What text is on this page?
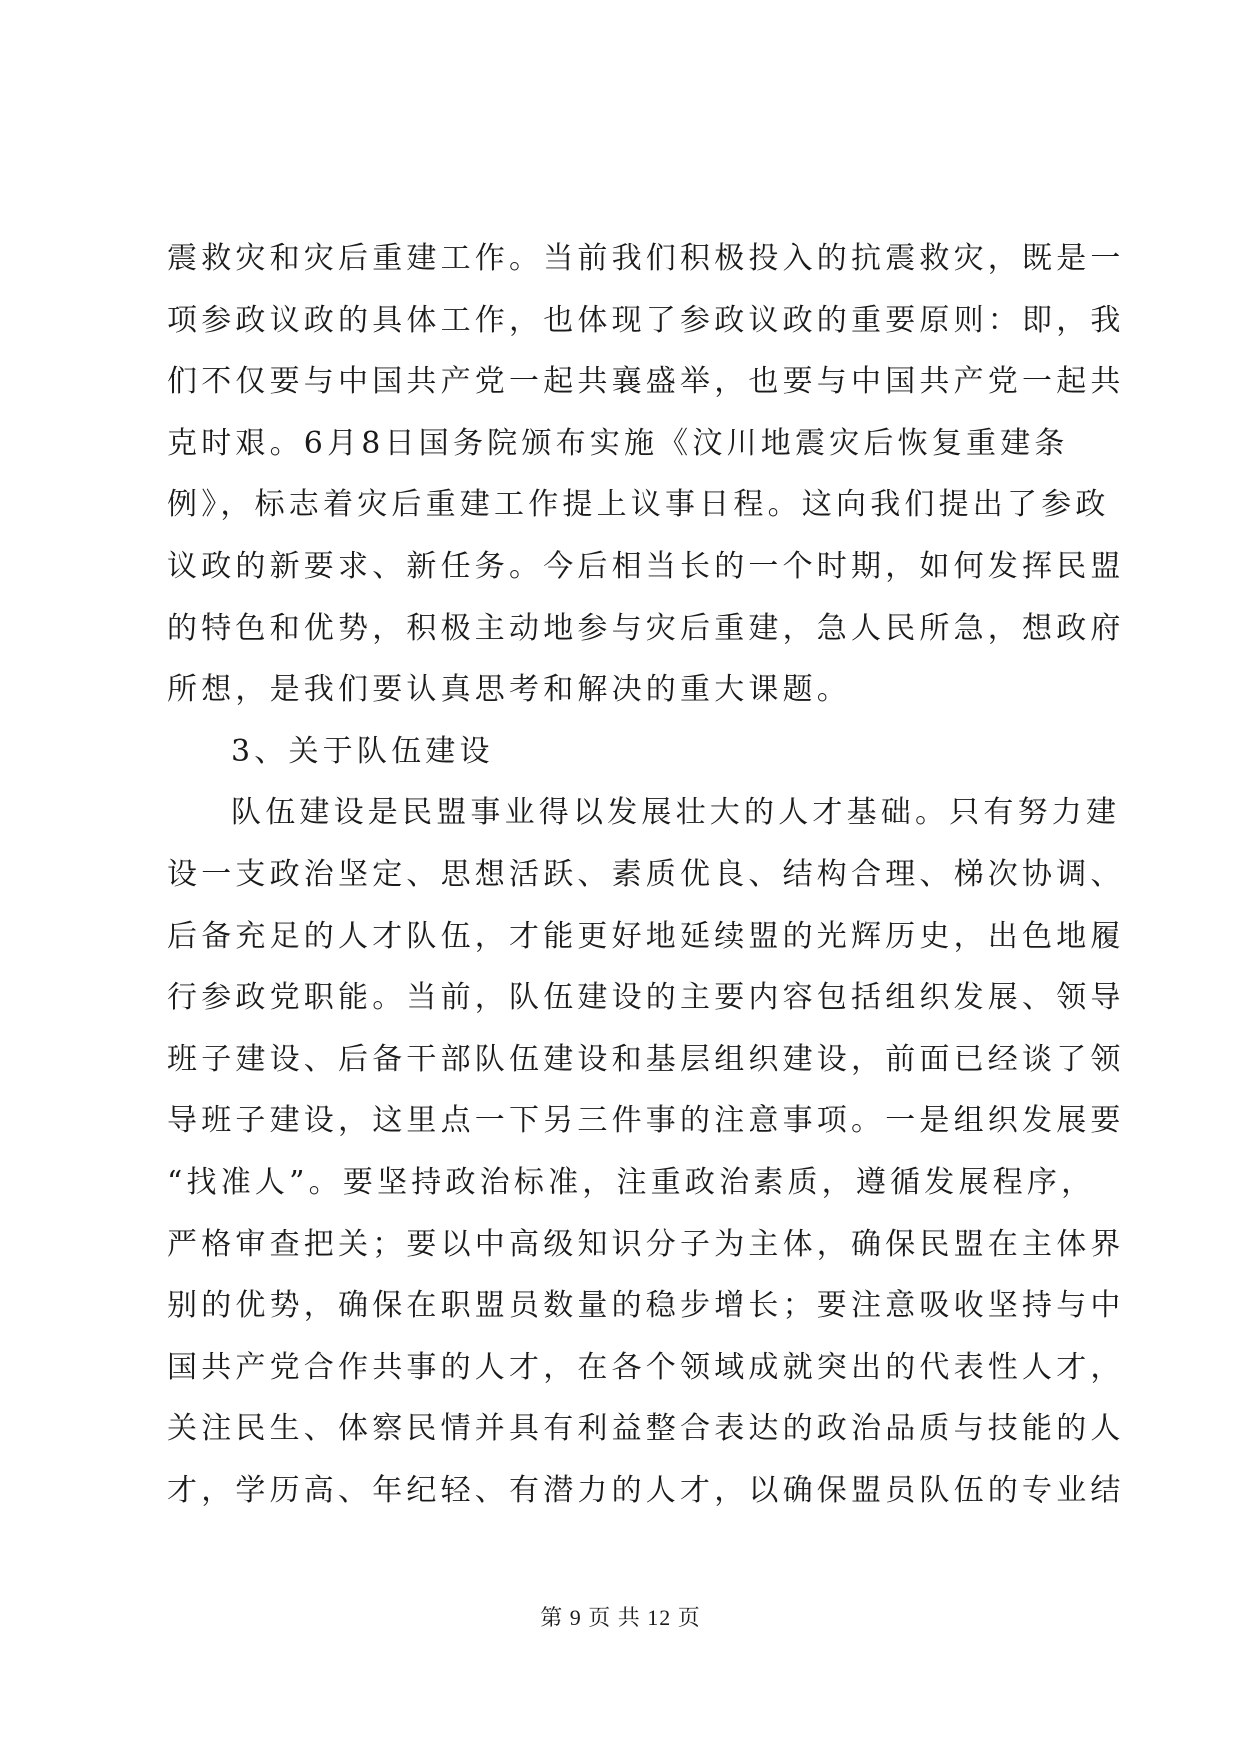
震救灾和灾后重建工作。当前我们积极投入的抗震救灾，既是一
项参政议政的具体工作，也体现了参政议政的重要原则：即，我
们不仅要与中国共产党一起共襄盛举，也要与中国共产党一起共
克时艰。6月8日国务院颁布实施《汶川地震灾后恢复重建条
例》，标志着灾后重建工作提上议事日程。这向我们提出了参政
议政的新要求、新任务。今后相当长的一个时期，如何发挥民盟
的特色和优势，积极主动地参与灾后重建，急人民所急，想政府
所想，是我们要认真思考和解决的重大课题。
3、关于队伍建设
队伍建设是民盟事业得以发展壮大的人才基础。只有努力建
设一支政治坚定、思想活跃、素质优良、结构合理、梯次协调、
后备充足的人才队伍，才能更好地延续盟的光辉历史，出色地履
行参政党职能。当前，队伍建设的主要内容包括组织发展、领导
班子建设、后备干部队伍建设和基层组织建设，前面已经谈了领
导班子建设，这里点一下另三件事的注意事项。一是组织发展要
“找准人”。要坚持政治标准，注重政治素质，遵循发展程序，
严格审查把关；要以中高级知识分子为主体，确保民盟在主体界
别的优势，确保在职盟员数量的稳步增长；要注意吸收坚持与中
国共产党合作共事的人才，在各个领域成就突出的代表性人才，
关注民生、体察民情并具有利益整合表达的政治品质与技能的人
才，学历高、年纪轻、有潜力的人才，以确保盟员队伍的专业结
第 9 页 共 12 页
